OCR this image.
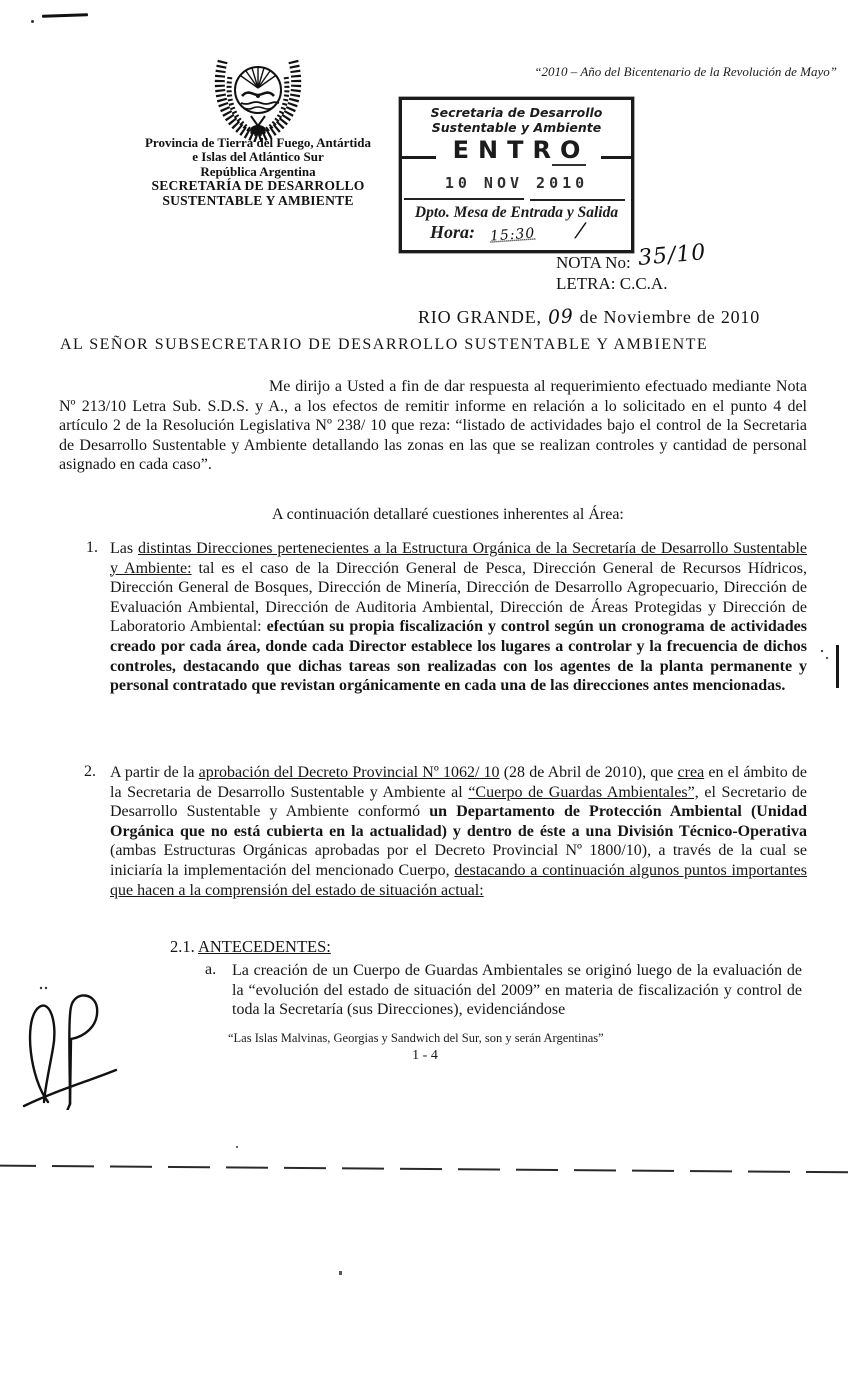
“2010 – Año del Bicentenario de la Revolución de Mayo”
Provincia de Tierra del Fuego, Antártida
e Islas del Atlántico Sur
República Argentina
SECRETARÍA DE DESARROLLO
SUSTENTABLE Y AMBIENTE
Secretaria de Desarrollo
Sustentable y Ambiente
ENTRO
10 NOV 2010
Dpto. Mesa de Entrada y Salida
Hora: 15:30 /
NOTA No:
LETRA: C.C.A.
35/10
RIO GRANDE, 09 de Noviembre de 2010
AL SEÑOR SUBSECRETARIO DE DESARROLLO SUSTENTABLE Y AMBIENTE
Me dirijo a Usted a fin de dar respuesta al requerimiento efectuado mediante Nota Nº 213/10 Letra Sub. S.D.S. y A., a los efectos de remitir informe en relación a lo solicitado en el punto 4 del artículo 2 de la Resolución Legislativa Nº 238/ 10 que reza: “listado de actividades bajo el control de la Secretaria de Desarrollo Sustentable y Ambiente detallando las zonas en las que se realizan controles y cantidad de personal asignado en cada caso”.
A continuación detallaré cuestiones inherentes al Área:
1. Las distintas Direcciones pertenecientes a la Estructura Orgánica de la Secretaría de Desarrollo Sustentable y Ambiente: tal es el caso de la Dirección General de Pesca, Dirección General de Recursos Hídricos, Dirección General de Bosques, Dirección de Minería, Dirección de Desarrollo Agropecuario, Dirección de Evaluación Ambiental, Dirección de Auditoria Ambiental, Dirección de Áreas Protegidas y Dirección de Laboratorio Ambiental: efectúan su propia fiscalización y control según un cronograma de actividades creado por cada área, donde cada Director establece los lugares a controlar y la frecuencia de dichos controles, destacando que dichas tareas son realizadas con los agentes de la planta permanente y personal contratado que revistan orgánicamente en cada una de las direcciones antes mencionadas.
2. A partir de la aprobación del Decreto Provincial Nº 1062/ 10 (28 de Abril de 2010), que crea en el ámbito de la Secretaria de Desarrollo Sustentable y Ambiente al “Cuerpo de Guardas Ambientales”, el Secretario de Desarrollo Sustentable y Ambiente conformó un Departamento de Protección Ambiental (Unidad Orgánica que no está cubierta en la actualidad) y dentro de éste a una División Técnico-Operativa (ambas Estructuras Orgánicas aprobadas por el Decreto Provincial Nº 1800/10), a través de la cual se iniciaría la implementación del mencionado Cuerpo, destacando a continuación algunos puntos importantes que hacen a la comprensión del estado de situación actual:
2.1. ANTECEDENTES:
a. La creación de un Cuerpo de Guardas Ambientales se originó luego de la evaluación de la “evolución del estado de situación del 2009” en materia de fiscalización y control de toda la Secretaría (sus Direcciones), evidenciándose
“Las Islas Malvinas, Georgias y Sandwich del Sur, son y serán Argentinas”
1 - 4
